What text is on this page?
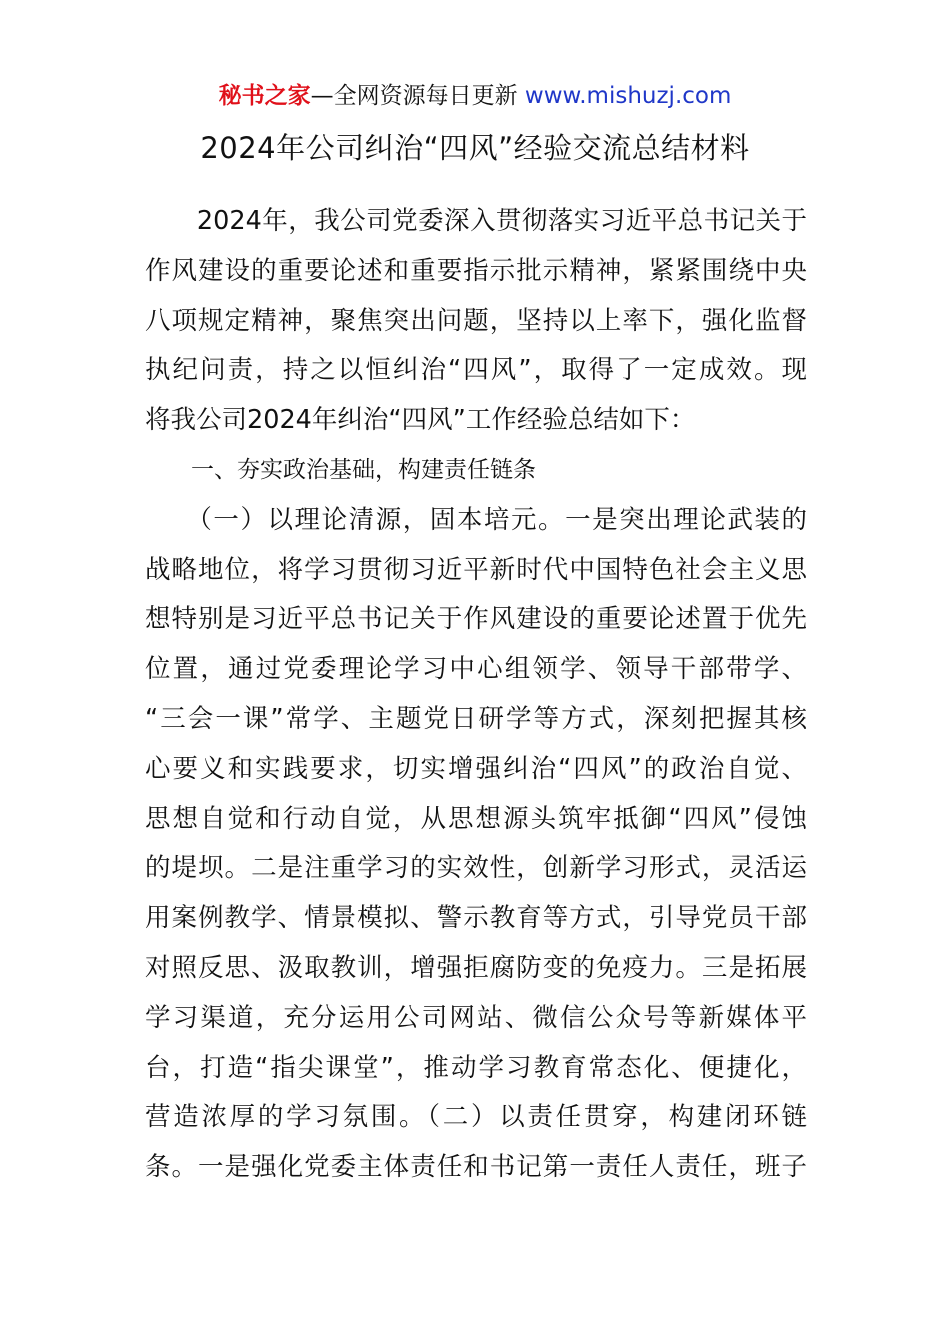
秘书之家—全网资源每日更新 www.mishuzj.com
2024年公司纠治“四风”经验交流总结材料
　　2024年，我公司党委深入贯彻落实习近平总书记关于
作风建设的重要论述和重要指示批示精神，紧紧围绕中央
八项规定精神，聚焦突出问题，坚持以上率下，强化监督
执纪问责，持之以恒纠治“四风”，取得了一定成效。现
将我公司2024年纠治“四风”工作经验总结如下：
　　一、夯实政治基础，构建责任链条
　　（一）以理论清源，固本培元。一是突出理论武装的
战略地位，将学习贯彻习近平新时代中国特色社会主义思
想特别是习近平总书记关于作风建设的重要论述置于优先
位置，通过党委理论学习中心组领学、领导干部带学、
“三会一课”常学、主题党日研学等方式，深刻把握其核
心要义和实践要求，切实增强纠治“四风”的政治自觉、
思想自觉和行动自觉，从思想源头筑牢抵御“四风”侵蚀
的堤坝。二是注重学习的实效性，创新学习形式，灵活运
用案例教学、情景模拟、警示教育等方式，引导党员干部
对照反思、汲取教训，增强拒腐防变的免疫力。三是拓展
学习渠道，充分运用公司网站、微信公众号等新媒体平
台，打造“指尖课堂”，推动学习教育常态化、便捷化，
营造浓厚的学习氛围。（二）以责任贯穿，构建闭环链
条。一是强化党委主体责任和书记第一责任人责任，班子
